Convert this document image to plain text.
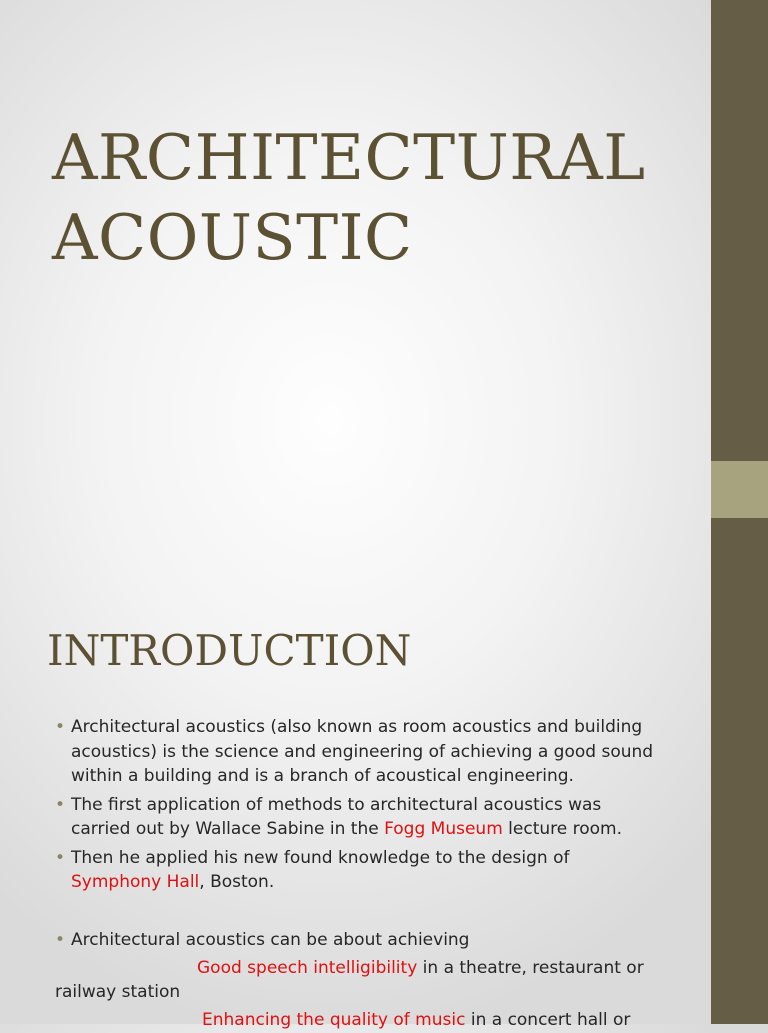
ARCHITECTURAL
ACOUSTIC
INTRODUCTION
• Architectural acoustics (also known as room acoustics and building acoustics) is the science and engineering of achieving a good sound within a building and is a branch of acoustical engineering.
• The first application of methods to architectural acoustics was carried out by Wallace Sabine in the Fogg Museum lecture room.
• Then he applied his new found knowledge to the design of Symphony Hall, Boston.
• Architectural acoustics can be about achieving
Good speech intelligibility in a theatre, restaurant or
railway station
Enhancing the quality of music in a concert hall or
